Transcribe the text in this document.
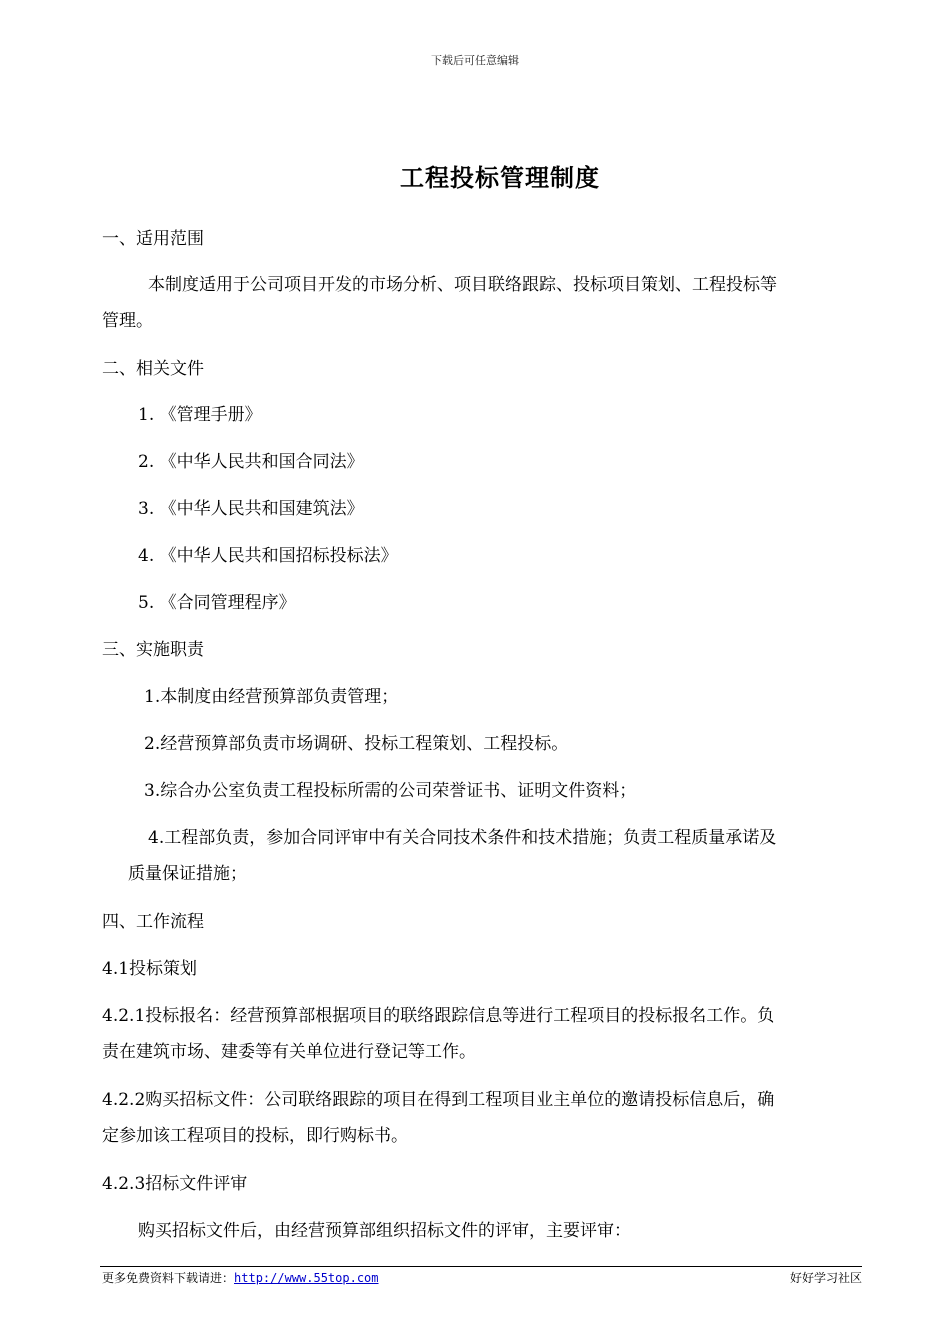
下载后可任意编辑
工程投标管理制度
一、适用范围
本制度适用于公司项目开发的市场分析、项目联络跟踪、投标项目策划、工程投标等
管理。
二、相关文件
1. 《管理手册》
2. 《中华人民共和国合同法》
3. 《中华人民共和国建筑法》
4. 《中华人民共和国招标投标法》
5. 《合同管理程序》
三、实施职责
1.本制度由经营预算部负责管理；
2.经营预算部负责市场调研、投标工程策划、工程投标。
3.综合办公室负责工程投标所需的公司荣誉证书、证明文件资料；
4.工程部负责，参加合同评审中有关合同技术条件和技术措施；负责工程质量承诺及
质量保证措施；
四、工作流程
4.1投标策划
4.2.1投标报名：经营预算部根据项目的联络跟踪信息等进行工程项目的投标报名工作。负
责在建筑市场、建委等有关单位进行登记等工作。
4.2.2购买招标文件：公司联络跟踪的项目在得到工程项目业主单位的邀请投标信息后，确
定参加该工程项目的投标，即行购标书。
4.2.3招标文件评审
购买招标文件后，由经营预算部组织招标文件的评审，主要评审：
更多免费资料下载请进：http://www.55top.com	好好学习社区
